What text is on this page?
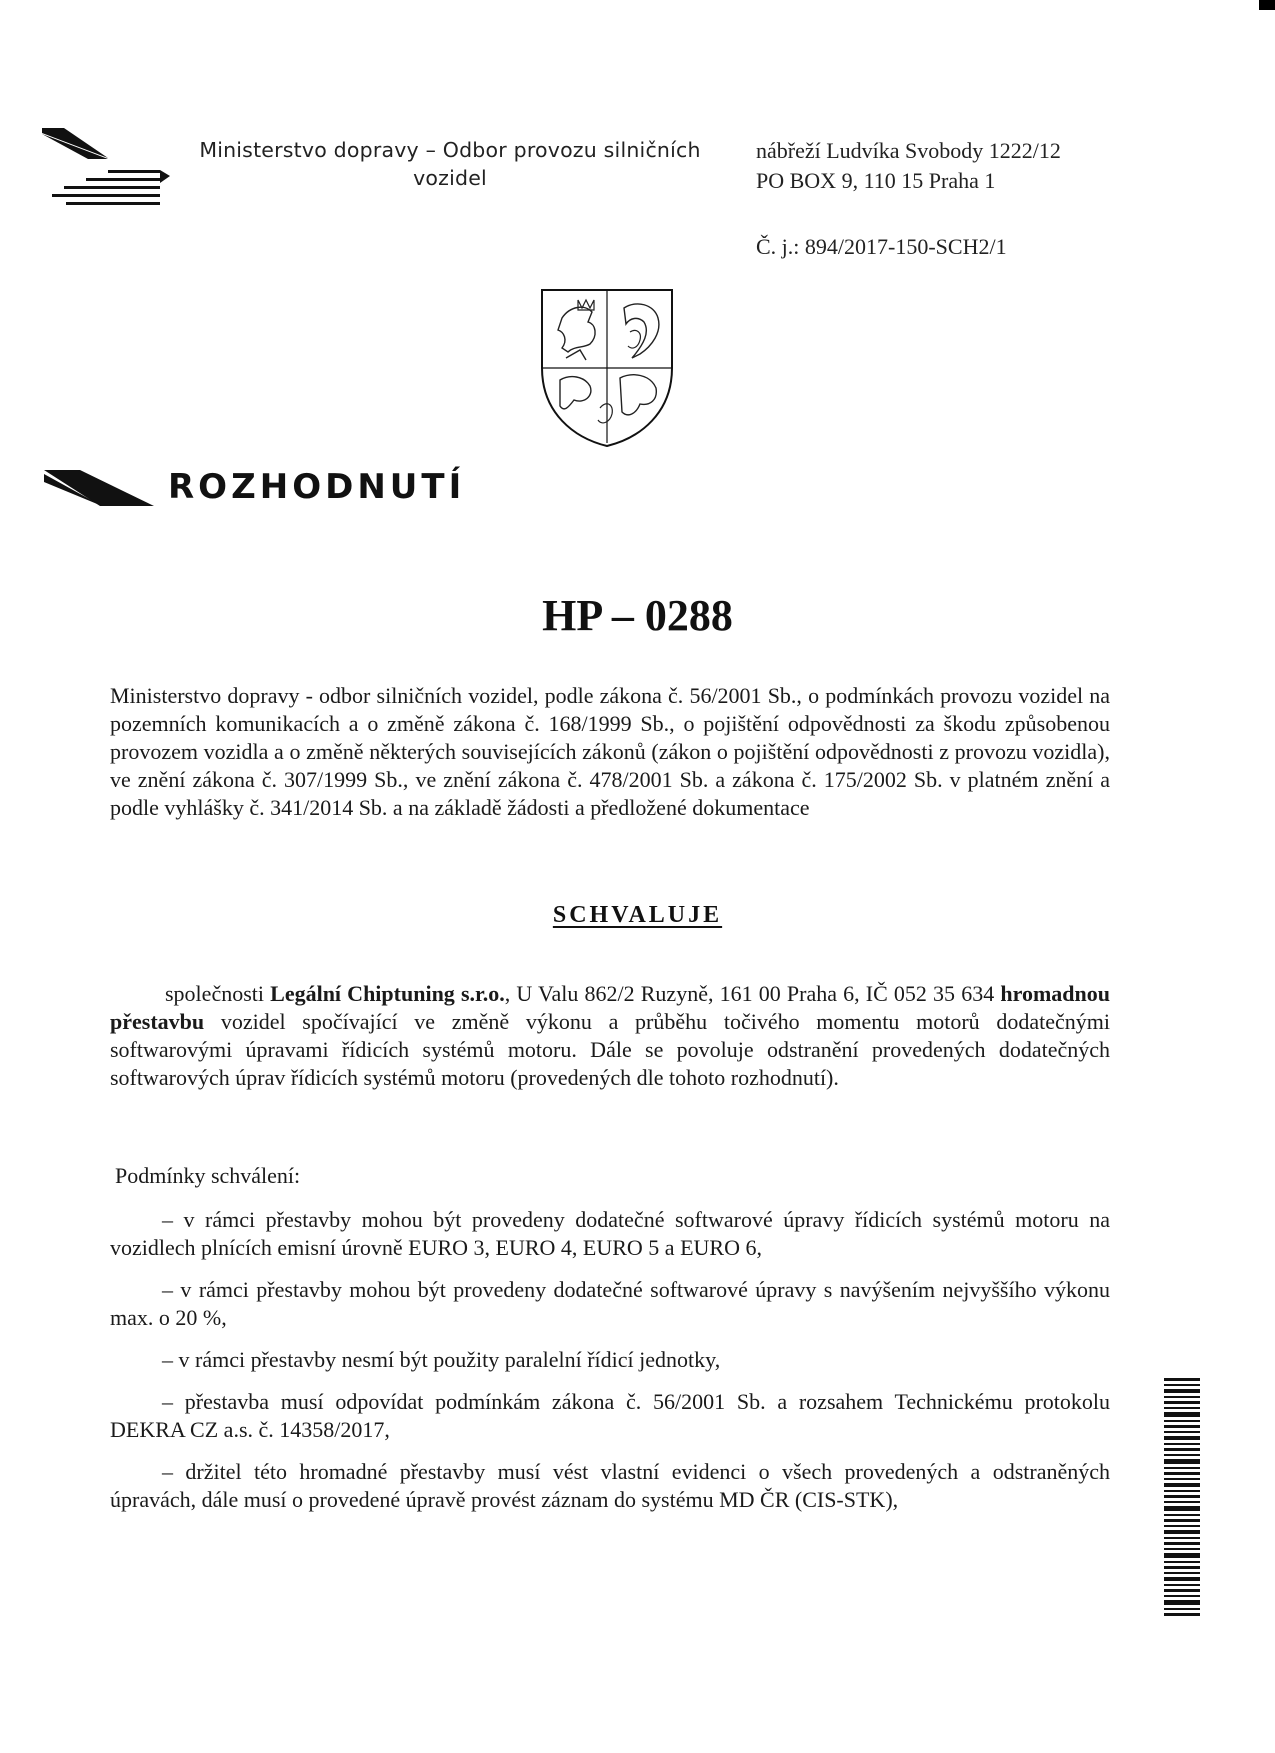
Ministerstvo dopravy – Odbor provozu silničních vozidel
nábřeží Ludvíka Svobody 1222/12
PO BOX 9, 110 15 Praha 1
Č. j.: 894/2017-150-SCH2/1
ROZHODNUTÍ
HP – 0288
Ministerstvo dopravy - odbor silničních vozidel, podle zákona č. 56/2001 Sb., o podmínkách provozu vozidel na pozemních komunikacích a o změně zákona č. 168/1999 Sb., o pojištění odpovědnosti za škodu způsobenou provozem vozidla a o změně některých souvisejících zákonů (zákon o pojištění odpovědnosti z provozu vozidla), ve znění zákona č. 307/1999 Sb., ve znění zákona č. 478/2001 Sb. a zákona č. 175/2002 Sb. v platném znění a podle vyhlášky č. 341/2014 Sb. a na základě žádosti a předložené dokumentace
SCHVALUJE
společnosti Legální Chiptuning s.r.o., U Valu 862/2 Ruzyně, 161 00 Praha 6, IČ 052 35 634 hromadnou přestavbu vozidel spočívající ve změně výkonu a průběhu točivého momentu motorů dodatečnými softwarovými úpravami řídicích systémů motoru. Dále se povoluje odstranění provedených dodatečných softwarových úprav řídicích systémů motoru (provedených dle tohoto rozhodnutí).
Podmínky schválení:
– v rámci přestavby mohou být provedeny dodatečné softwarové úpravy řídicích systémů motoru na vozidlech plnících emisní úrovně EURO 3, EURO 4, EURO 5 a EURO 6,
– v rámci přestavby mohou být provedeny dodatečné softwarové úpravy s navýšením nejvyššího výkonu max. o 20 %,
– v rámci přestavby nesmí být použity paralelní řídicí jednotky,
– přestavba musí odpovídat podmínkám zákona č. 56/2001 Sb. a rozsahem Technickému protokolu DEKRA CZ a.s. č. 14358/2017,
– držitel této hromadné přestavby musí vést vlastní evidenci o všech provedených a odstraněných úpravách, dále musí o provedené úpravě provést záznam do systému MD ČR (CIS-STK),
